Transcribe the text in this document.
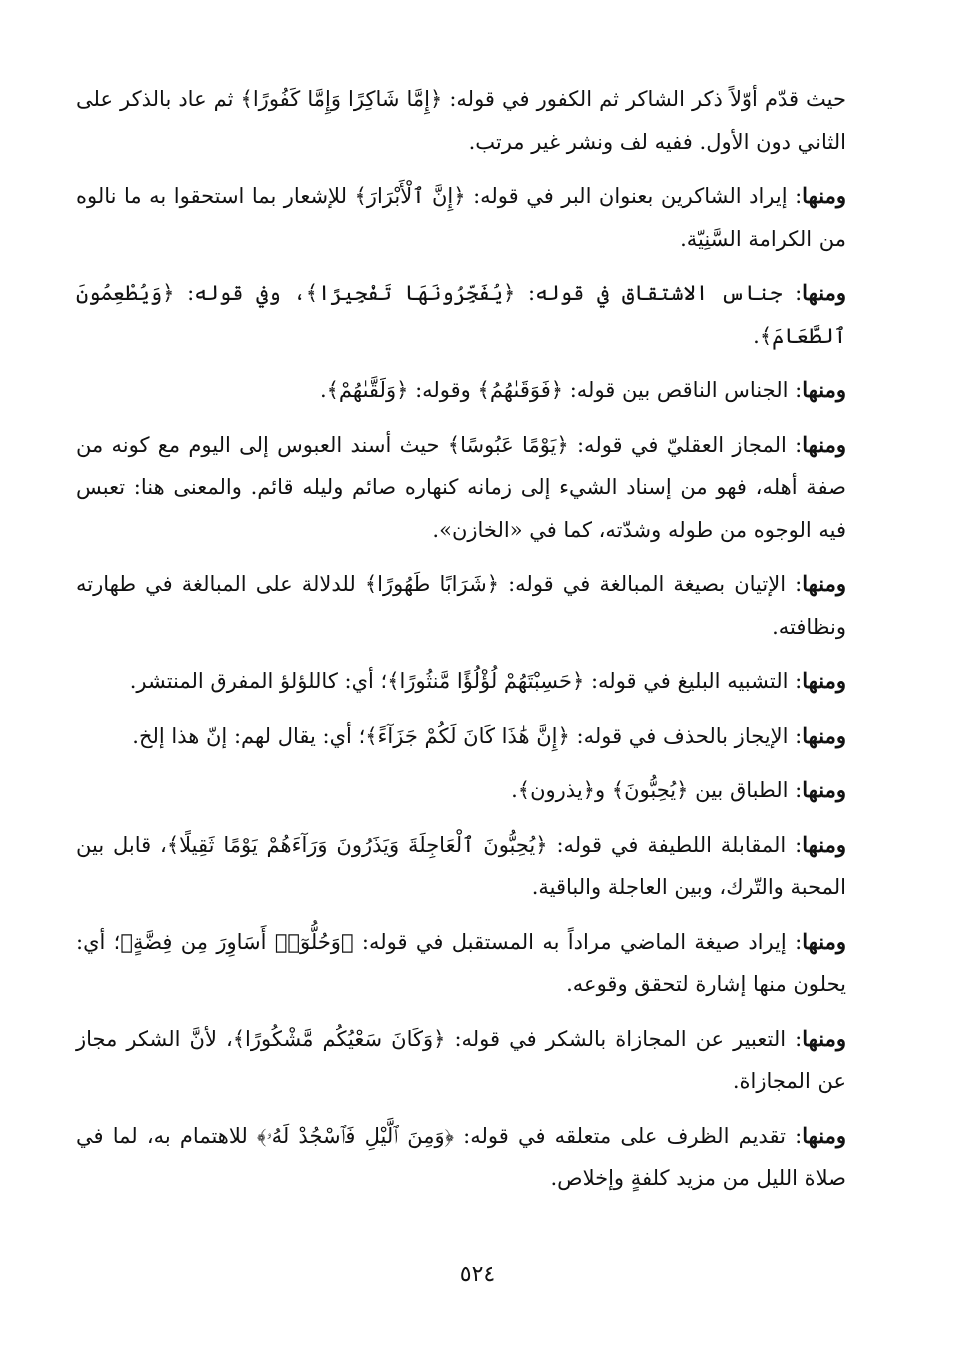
حيث قدّم أوّلاً ذكر الشاكر ثم الكفور في قوله: ﴿إِمَّا شَاكِرًا وَإِمَّا كَفُورًا﴾ ثم عاد بالذكر على الثاني دون الأول. ففيه لف ونشر غير مرتب.

ومنها: إيراد الشاكرين بعنوان البر في قوله: ﴿إِنَّ ٱلْأَبْرَارَ﴾ للإشعار بما استحقوا به ما نالوه من الكرامة السَّنِيّة.

ومنها: جناس الاشتقاق في قوله: ﴿يُفَجِّرُونَهَا تَفْجِيرًا﴾، وفي قوله: ﴿وَيُطْعِمُونَ ٱلطَّعَامَ﴾.

ومنها: الجناس الناقص بين قوله: ﴿فَوَقَىٰهُمُ﴾ وقوله: ﴿وَلَقَّىٰهُمْ﴾.

ومنها: المجاز العقليّ في قوله: ﴿يَوْمًا عَبُوسًا﴾ حيث أسند العبوس إلى اليوم مع كونه من صفة أهله، فهو من إسناد الشيء إلى زمانه كنهاره صائم وليله قائم. والمعنى هنا: تعبس فيه الوجوه من طوله وشدّته، كما في «الخازن».

ومنها: الإتيان بصيغة المبالغة في قوله: ﴿شَرَابًا طَهُورًا﴾ للدلالة على المبالغة في طهارته ونظافته.

ومنها: التشبيه البليغ في قوله: ﴿حَسِبْتَهُمْ لُؤْلُؤًا مَّنثُورًا﴾؛ أي: كاللؤلؤ المفرق المنتشر.

ومنها: الإيجاز بالحذف في قوله: ﴿إِنَّ هَٰذَا كَانَ لَكُمْ جَزَآءً﴾؛ أي: يقال لهم: إنّ هذا إلخ.

ومنها: الطباق بين ﴿يُحِبُّونَ﴾ و﴿يذرون﴾.

ومنها: المقابلة اللطيفة في قوله: ﴿يُحِبُّونَ ٱلْعَاجِلَةَ وَيَذَرُونَ وَرَآءَهُمْ يَوْمًا ثَقِيلًا﴾، قابل بين المحبة والتّرك، وبين العاجلة والباقية.

ومنها: إيراد صيغة الماضي مراداً به المستقبل في قوله: ﴿وَحُلُّوٓا۟ أَسَاوِرَ مِن فِضَّةٍ﴾؛ أي: يحلون منها إشارة لتحقق وقوعه.

ومنها: التعبير عن المجازاة بالشكر في قوله: ﴿وَكَانَ سَعْيُكُم مَّشْكُورًا﴾، لأنَّ الشكر مجاز عن المجازاة.

ومنها: تقديم الظرف على متعلقه في قوله: ﴿وَمِنَ ٱلَّيْلِ فَٱسْجُدْ لَهُۥ﴾ للاهتمام به، لما في صلاة الليل من مزيد كلفةٍ وإخلاص.

٥٢٤
